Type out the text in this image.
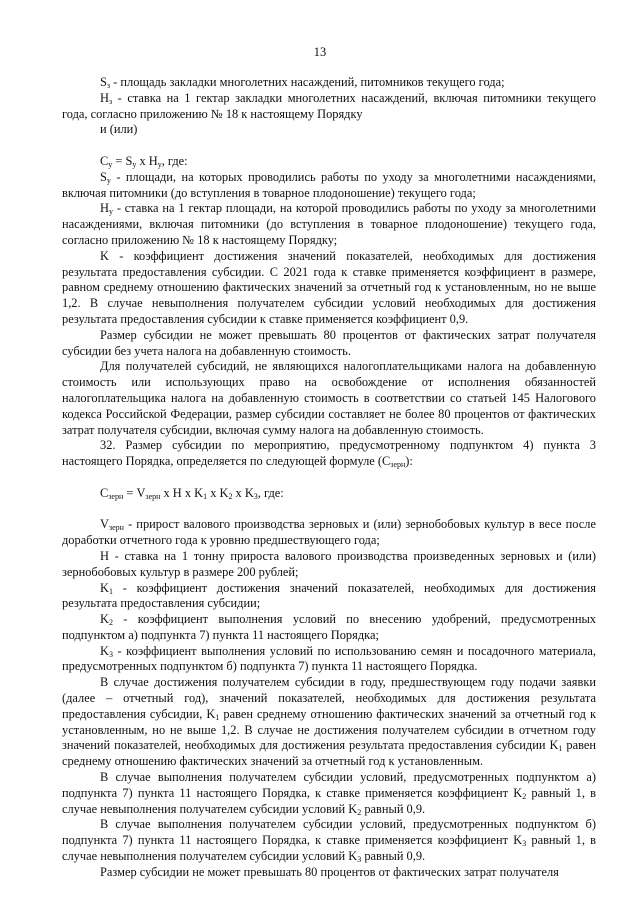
13

$S_з$ - площадь закладки многолетних насаждений, питомников текущего года;

$H_з$ - ставка на 1 гектар закладки многолетних насаждений, включая питомники текущего года, согласно приложению № 18 к настоящему Порядку

и (или)

$C_у = S_у$ x $H_у$, где:

$S_у$ - площади, на которых проводились работы по уходу за многолетними насаждениями, включая питомники (до вступления в товарное плодоношение) текущего года;

$H_у$ - ставка на 1 гектар площади, на которой проводились работы по уходу за многолетними насаждениями, включая питомники (до вступления в товарное плодоношение) текущего года, согласно приложению № 18 к настоящему Порядку;

K - коэффициент достижения значений показателей, необходимых для достижения результата предоставления субсидии. С 2021 года к ставке применяется коэффициент в размере, равном среднему отношению фактических значений за отчетный год к установленным, но не выше 1,2. В случае невыполнения получателем субсидии условий необходимых для достижения результата предоставления субсидии к ставке применяется коэффициент 0,9.

Размер субсидии не может превышать 80 процентов от фактических затрат получателя субсидии без учета налога на добавленную стоимость.

Для получателей субсидий, не являющихся налогоплательщиками налога на добавленную стоимость или использующих право на освобождение от исполнения обязанностей налогоплательщика налога на добавленную стоимость в соответствии со статьей 145 Налогового кодекса Российской Федерации, размер субсидии составляет не более 80 процентов от фактических затрат получателя субсидии, включая сумму налога на добавленную стоимость.

32. Размер субсидии по мероприятию, предусмотренному подпунктом 4) пункта 3 настоящего Порядка, определяется по следующей формуле $(C_{зерн})$:

$C_{зерн} = V_{зерн}$ x H x $K_1$ x $K_2$ x $K_3$, где:

$V_{зерн}$ - прирост валового производства зерновых и (или) зернобобовых культур в весе после доработки отчетного года к уровню предшествующего года;

H - ставка на 1 тонну прироста валового производства произведенных зерновых и (или) зернобобовых культур в размере 200 рублей;

$K_1$ - коэффициент достижения значений показателей, необходимых для достижения результата предоставления субсидии;

$K_2$ - коэффициент выполнения условий по внесению удобрений, предусмотренных подпунктом а) подпункта 7) пункта 11 настоящего Порядка;

$K_3$ - коэффициент выполнения условий по использованию семян и посадочного материала, предусмотренных подпунктом б) подпункта 7) пункта 11 настоящего Порядка.

В случае достижения получателем субсидии в году, предшествующем году подачи заявки (далее – отчетный год), значений показателей, необходимых для достижения результата предоставления субсидии, $K_1$ равен среднему отношению фактических значений за отчетный год к установленным, но не выше 1,2. В случае не достижения получателем субсидии в отчетном году значений показателей, необходимых для достижения результата предоставления субсидии $K_1$ равен среднему отношению фактических значений за отчетный год к установленным.

В случае выполнения получателем субсидии условий, предусмотренных подпунктом а) подпункта 7) пункта 11 настоящего Порядка, к ставке применяется коэффициент $K_2$ равный 1, в случае невыполнения получателем субсидии условий $K_2$ равный 0,9.

В случае выполнения получателем субсидии условий, предусмотренных подпунктом б) подпункта 7) пункта 11 настоящего Порядка, к ставке применяется коэффициент $K_3$ равный 1, в случае невыполнения получателем субсидии условий $K_3$ равный 0,9.

Размер субсидии не может превышать 80 процентов от фактических затрат получателя
